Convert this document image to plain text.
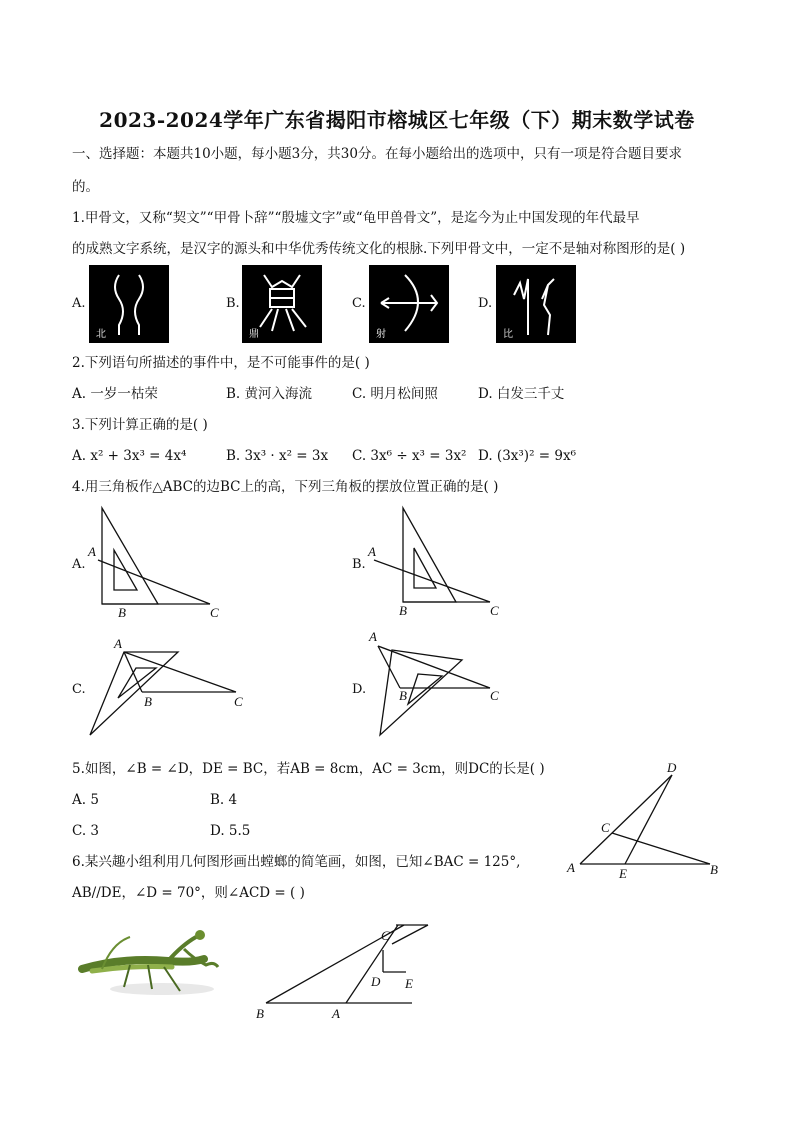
2023-2024学年广东省揭阳市榕城区七年级（下）期末数学试卷
一、选择题：本题共10小题，每小题3分，共30分。在每小题给出的选项中，只有一项是符合题目要求
的。
1.甲骨文，又称“契文”“甲骨卜辞”“殷墟文字”或“龟甲兽骨文”，是迄今为止中国发现的年代最早
的成熟文字系统，是汉字的源头和中华优秀传统文化的根脉.下列甲骨文中，一定不是轴对称图形的是( )
A.
北
B.
鼎
C.
射
D.
比
2.下列语句所描述的事件中，是不可能事件的是( )
A. 一岁一枯荣	B. 黄河入海流	C. 明月松间照	D. 白发三千丈
3.下列计算正确的是( )
A. x² + 3x³ = 4x⁴	B. 3x³ · x² = 3x C. 3x⁶ ÷ x³ = 3x² D. (3x³)² = 9x⁶
4.用三角板作△ABC的边BC上的高，下列三角板的摆放位置正确的是( )
A.
A
B	C
B.
A
B	C
C.
A
B	C
D.
A
B	C
5.如图，∠B = ∠D，DE = BC，若AB = 8cm，AC = 3cm，则DC的长是( )
A. 5	B. 4
C. 3	D. 5.5
D
C
A	E	B
6.某兴趣小组利用几何图形画出螳螂的简笔画，如图，已知∠BAC = 125°,
AB//DE，∠D = 70°，则∠ACD = ( )
C
D E
B	A
